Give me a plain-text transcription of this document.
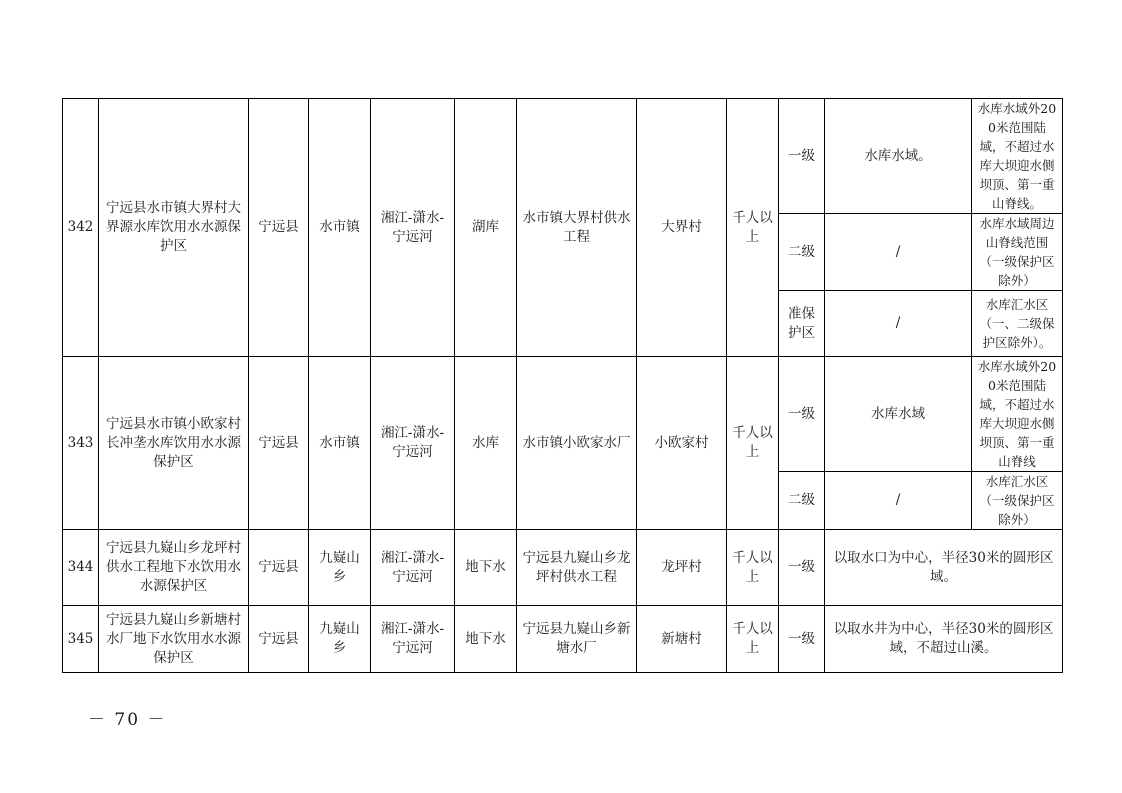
342	宁远县水市镇大界村大界源水库饮用水水源保护区	宁远县	水市镇	湘江-潇水-宁远河	湖库	水市镇大界村供水工程	大界村	千人以上	一级	水库水域。	水库水域外200米范围陆域，不超过水库大坝迎水侧坝顶、第一重山脊线。
									二级	/	水库水域周边山脊线范围（一级保护区除外）
									准保护区	/	水库汇水区（一、二级保护区除外）。
343	宁远县水市镇小欧家村长冲垄水库饮用水水源保护区	宁远县	水市镇	湘江-潇水-宁远河	水库	水市镇小欧家水厂	小欧家村	千人以上	一级	水库水域	水库水域外200米范围陆域，不超过水库大坝迎水侧坝顶、第一重山脊线
									二级	/	水库汇水区（一级保护区除外）
344	宁远县九嶷山乡龙坪村供水工程地下水饮用水水源保护区	宁远县	九嶷山乡	湘江-潇水-宁远河	地下水	宁远县九嶷山乡龙坪村供水工程	龙坪村	千人以上	一级	以取水口为中心，半径30米的圆形区域。	
345	宁远县九嶷山乡新塘村水厂地下水饮用水水源保护区	宁远县	九嶷山乡	湘江-潇水-宁远河	地下水	宁远县九嶷山乡新塘水厂	新塘村	千人以上	一级	以取水井为中心，半径30米的圆形区域，不超过山溪。	
－ 70 －
